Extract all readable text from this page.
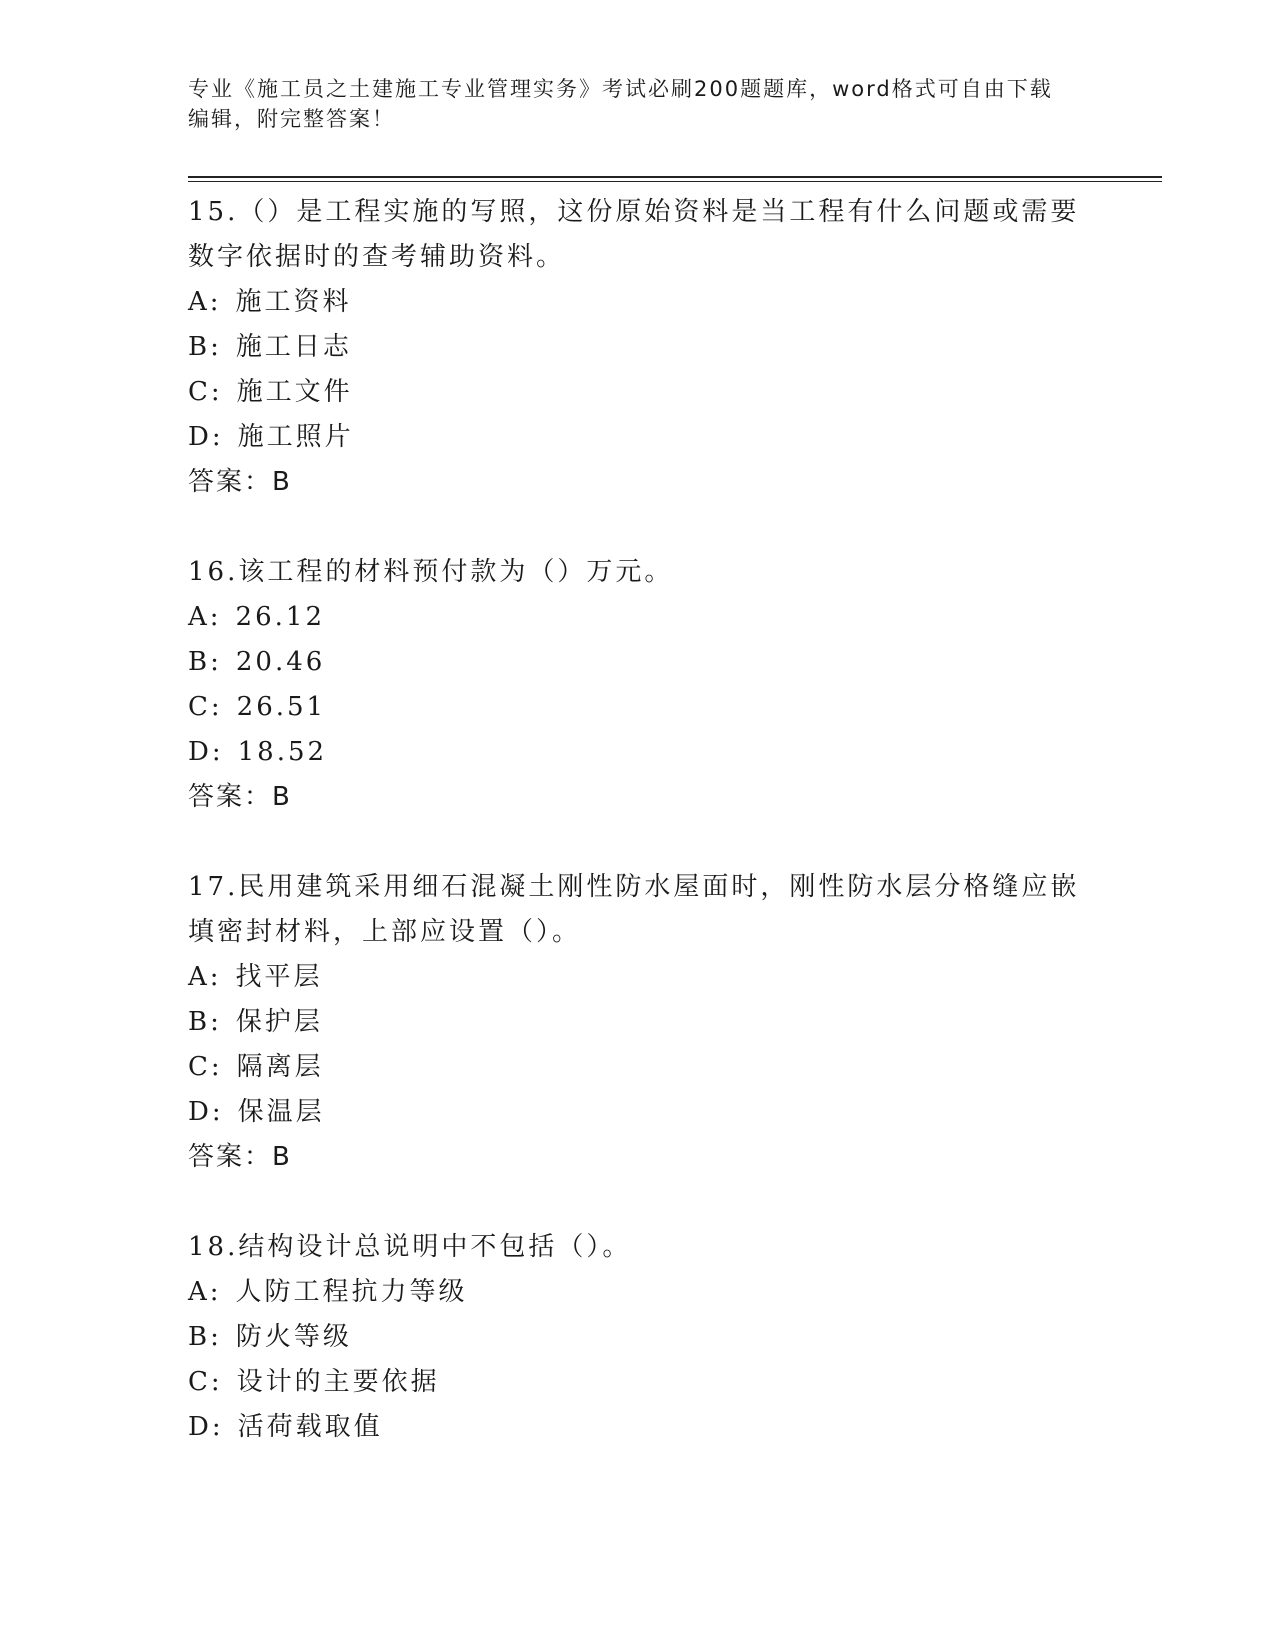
专业《施工员之土建施工专业管理实务》考试必刷200题题库，word格式可自由下载编辑，附完整答案！

15.（）是工程实施的写照，这份原始资料是当工程有什么问题或需要数字依据时的查考辅助资料。

A: 施工资料
B: 施工日志
C: 施工文件
D: 施工照片
答案：B

16.该工程的材料预付款为（）万元。

A: 26.12
B: 20.46
C: 26.51
D: 18.52
答案：B

17.民用建筑采用细石混凝土刚性防水屋面时，刚性防水层分格缝应嵌填密封材料，上部应设置（）。

A: 找平层
B: 保护层
C: 隔离层
D: 保温层
答案：B

18.结构设计总说明中不包括（）。

A: 人防工程抗力等级
B: 防火等级
C: 设计的主要依据
D: 活荷载取值
